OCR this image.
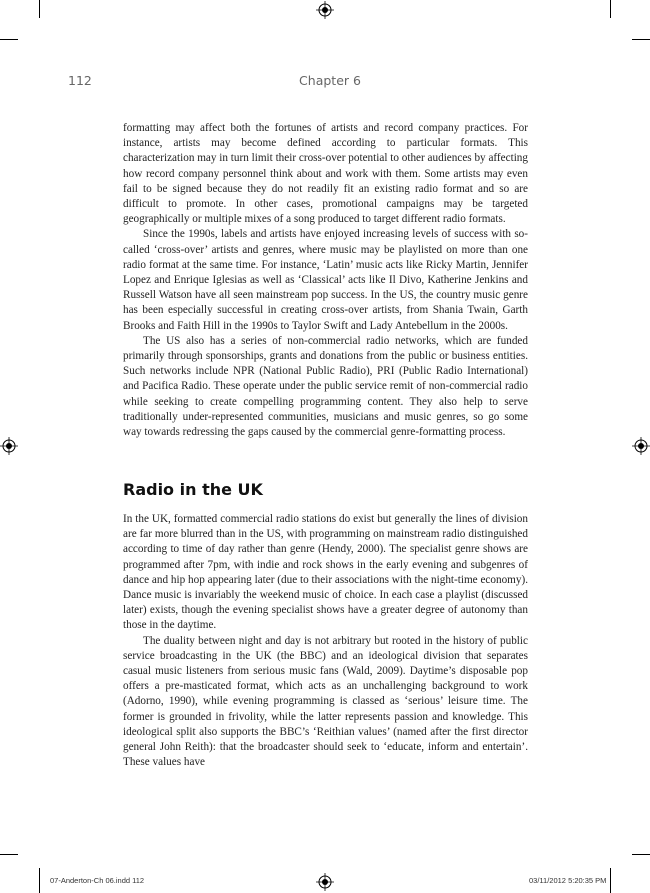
112	Chapter 6

formatting may affect both the fortunes of artists and record company practices. For instance, artists may become defined according to particular formats. This characterization may in turn limit their cross-over potential to other audiences by affecting how record company personnel think about and work with them. Some artists may even fail to be signed because they do not readily fit an existing radio format and so are difficult to promote. In other cases, promotional campaigns may be targeted geographically or multiple mixes of a song produced to target different radio formats.

Since the 1990s, labels and artists have enjoyed increasing levels of success with so-called ‘cross-over’ artists and genres, where music may be playlisted on more than one radio format at the same time. For instance, ‘Latin’ music acts like Ricky Martin, Jennifer Lopez and Enrique Iglesias as well as ‘Classical’ acts like Il Divo, Katherine Jenkins and Russell Watson have all seen mainstream pop success. In the US, the country music genre has been especially successful in creating cross-over artists, from Shania Twain, Garth Brooks and Faith Hill in the 1990s to Taylor Swift and Lady Antebellum in the 2000s.

The US also has a series of non-commercial radio networks, which are funded primarily through sponsorships, grants and donations from the public or business entities. Such networks include NPR (National Public Radio), PRI (Public Radio International) and Pacifica Radio. These operate under the public service remit of non-commercial radio while seeking to create compelling programming content. They also help to serve traditionally under-represented communities, musicians and music genres, so go some way towards redressing the gaps caused by the commercial genre-formatting process.

Radio in the UK

In the UK, formatted commercial radio stations do exist but generally the lines of division are far more blurred than in the US, with programming on mainstream radio distinguished according to time of day rather than genre (Hendy, 2000). The specialist genre shows are programmed after 7pm, with indie and rock shows in the early evening and subgenres of dance and hip hop appearing later (due to their associations with the night-time economy). Dance music is invariably the weekend music of choice. In each case a playlist (discussed later) exists, though the evening specialist shows have a greater degree of autonomy than those in the daytime.

The duality between night and day is not arbitrary but rooted in the history of public service broadcasting in the UK (the BBC) and an ideological division that separates casual music listeners from serious music fans (Wald, 2009). Daytime’s disposable pop offers a pre-masticated format, which acts as an unchallenging background to work (Adorno, 1990), while evening programming is classed as ‘serious’ leisure time. The former is grounded in frivolity, while the latter represents passion and knowledge. This ideological split also supports the BBC’s ‘Reithian values’ (named after the first director general John Reith): that the broadcaster should seek to ‘educate, inform and entertain’. These values have

07-Anderton-Ch 06.indd 112	03/11/2012 5:20:35 PM
